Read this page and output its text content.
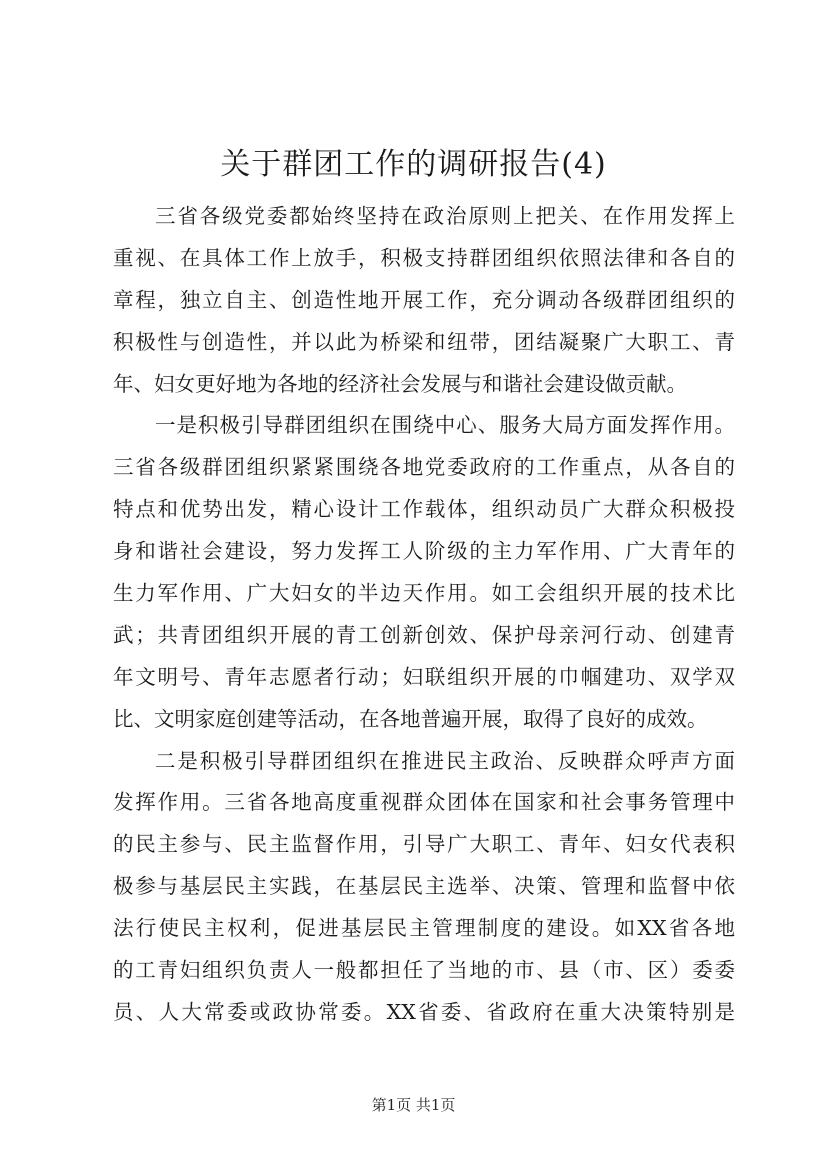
关于群团工作的调研报告(4)
三省各级党委都始终坚持在政治原则上把关、在作用发挥上
重视、在具体工作上放手，积极支持群团组织依照法律和各自的
章程，独立自主、创造性地开展工作，充分调动各级群团组织的
积极性与创造性，并以此为桥梁和纽带，团结凝聚广大职工、青
年、妇女更好地为各地的经济社会发展与和谐社会建设做贡献。
一是积极引导群团组织在围绕中心、服务大局方面发挥作用。
三省各级群团组织紧紧围绕各地党委政府的工作重点，从各自的
特点和优势出发，精心设计工作载体，组织动员广大群众积极投
身和谐社会建设，努力发挥工人阶级的主力军作用、广大青年的
生力军作用、广大妇女的半边天作用。如工会组织开展的技术比
武；共青团组织开展的青工创新创效、保护母亲河行动、创建青
年文明号、青年志愿者行动；妇联组织开展的巾帼建功、双学双
比、文明家庭创建等活动，在各地普遍开展，取得了良好的成效。
二是积极引导群团组织在推进民主政治、反映群众呼声方面
发挥作用。三省各地高度重视群众团体在国家和社会事务管理中
的民主参与、民主监督作用，引导广大职工、青年、妇女代表积
极参与基层民主实践，在基层民主选举、决策、管理和监督中依
法行使民主权利，促进基层民主管理制度的建设。如XX省各地
的工青妇组织负责人一般都担任了当地的市、县（市、区）委委
员、人大常委或政协常委。XX省委、省政府在重大决策特别是
第1页 共1页
